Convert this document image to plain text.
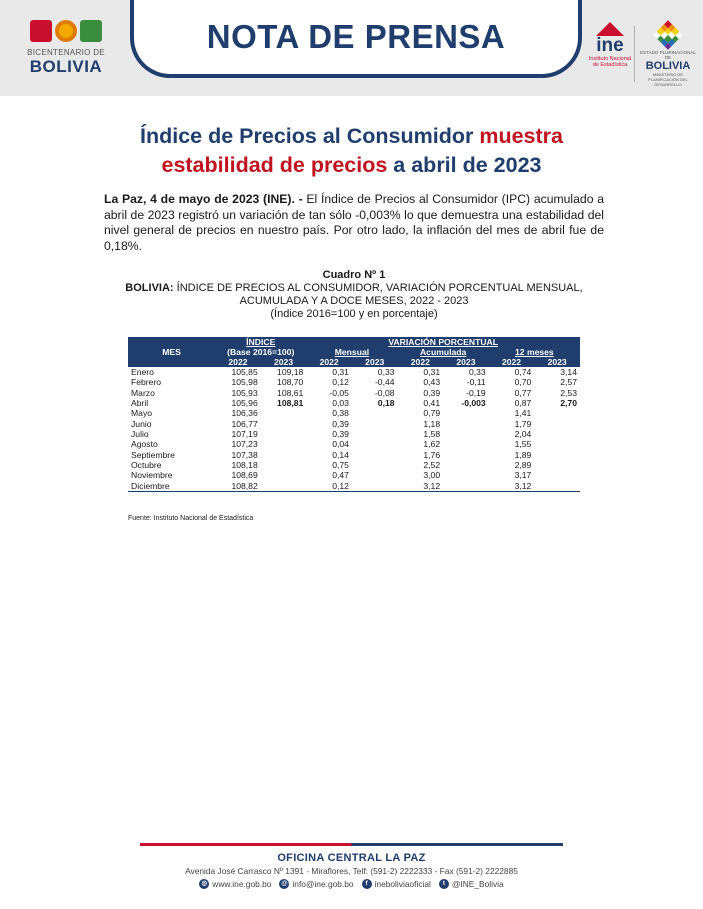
BICENTENARIO DE
BOLIVIA
NOTA DE PRENSA	ine
Instituto Nacional
de Estadística
ESTADO PLURINACIONAL DE
BOLIVIA
MINISTERIO DE PLANIFICACIÓN DEL DESARROLLO
Índice de Precios al Consumidor muestra
estabilidad de precios a abril de 2023

La Paz, 4 de mayo de 2023 (INE). - El Índice de Precios al Consumidor (IPC) acumulado a abril de 2023 registró un variación de tan sólo -0,003% lo que demuestra una estabilidad del nivel general de precios en nuestro país. Por otro lado, la inflación del mes de abril fue de 0,18%.

Cuadro Nº 1
BOLIVIA: ÍNDICE DE PRECIOS AL CONSUMIDOR, VARIACIÓN PORCENTUAL MENSUAL,
ACUMULADA Y A DOCE MESES, 2022 - 2023
(Índice 2016=100 y en porcentaje)
MES	ÍNDICE		VARIACIÓN PORCENTUAL					
	(Base 2016=100)		Mensual		Acumulada		12 meses	
	2022	2023	2022	2023	2022	2023	2022	2023
Enero	105,85	109,18	0,31	0,33	0,31	0,33	0,74	3,14
Febrero	105,98	108,70	0,12	-0,44	0,43	-0,11	0,70	2,57
Marzo	105,93	108,61	-0,05	-0,08	0,39	-0,19	0,77	2,53
Abril	105,96	108,81	0,03	0,18	0,41	-0,003	0,87	2,70
Mayo	106,36		0,38		0,79		1,41	
Junio	106,77		0,39		1,18		1,79	
Julio	107,19		0,39		1,58		2,04	
Agosto	107,23		0,04		1,62		1,55	
Septiembre	107,38		0,14		1,76		1,89	
Octubre	108,18		0,75		2,52		2,89	
Noviembre	108,69		0,47		3,00		3,17	
Diciembre	108,82		0,12		3,12		3,12	
Fuente: Instituto Nacional de Estadística
OFICINA CENTRAL LA PAZ
Avenida José Carrasco Nº 1391 - Miraflores, Telf: (591-2) 2222333 - Fax (591-2) 2222885
◎ www.ine.gob.bo @ info@ine.gob.bo	f ineboliviaoficial	t @INE_Bolivia
